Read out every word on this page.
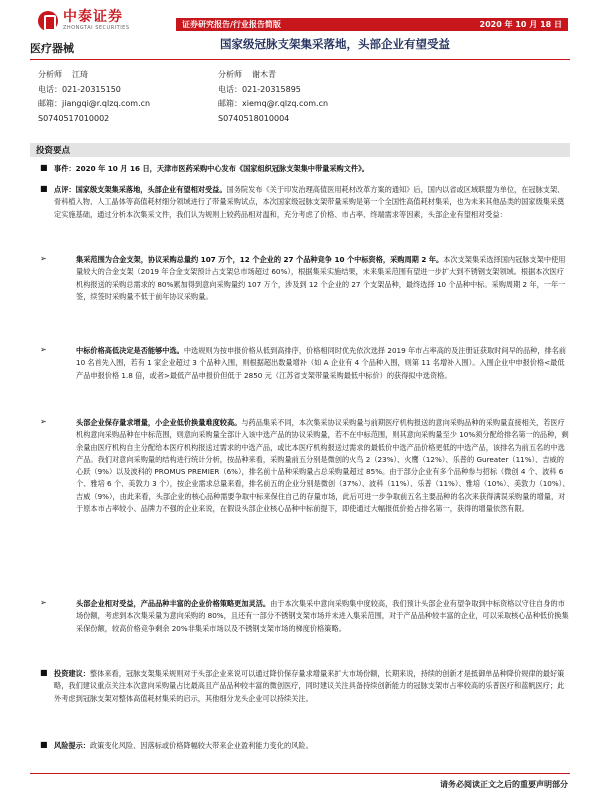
中泰证券
ZHONGTAI SECURITIES	证券研究报告/行业报告简版	2020 年 10 月 18 日
医疗器械	国家级冠脉支架集采落地，头部企业有望受益
分析师 江琦
电话：021-20315150
邮箱：jiangqi@r.qlzq.com.cn
S0740517010002
分析师 谢木青
电话：021-20315895
邮箱：xiemq@r.qlzq.com.cn
S0740518010004
投资要点
■ 事件：2020 年 10 月 16 日，天津市医药采购中心发布《国家组织冠脉支架集中带量采购文件》。
■ 点评：国家级支架集采落地，头部企业有望相对受益。国务院发布《关于印发治理高值医用耗材改革方案的通知》后，国内以省或区域联盟为单位，在冠脉支架、骨科植入物、人工晶体等高值耗材细分领域进行了带量采购试点，本次国家级冠脉支架带量采购是第一个全国性高值耗材集采，也为未来其他品类的国家级集采奠定实施基础，通过分析本次集采文件，我们认为规则上较药品相对温和，充分考虑了价格、市占率、终端需求等因素，头部企业有望相对受益：
➢	集采范围为合金支架，协议采购总量约 107 万个，12 个企业的 27 个品种竞争 10 个中标资格，采购周期 2 年。本次支架集采选择国内冠脉支架中使用量较大的合金支架（2019 年合金支架预计占支架总市场超过 60%），根据集采实施结果，未来集采范围有望进一步扩大到不锈钢支架领域。根据本次医疗机构报送的采购总需求的 80%累加得到意向采购量约 107 万个，涉及到 12 个企业的 27 个支架品种，最终选择 10 个品种中标。采购周期 2 年，一年一签，续签时采购量不低于前年协议采购量。
➢	中标价格高低决定是否能够中选。中选规则为按申报价格从低到高排序，价格相同时优先依次选择 2019 年市占率高的及注册证获取时间早的品种，排名前 10 名首先入围，若有 1 家企业超过 3 个品种入围，则根据超出数量增补（如 A 企业有 4 个品种入围，则第 11 名增补入围）。入围企业中申报价格<最低产品申报价格 1.8 倍，或者>最低产品申报价但低于 2850 元（江苏省支架带量采购最低中标价）的获得拟中选资格。
➢	头部企业保存量求增量，小企业低价换量难度较高。与药品集采不同，本次集采协议采购量与前期医疗机构报送的意向采购品种的采购量直接相关，若医疗机构意向采购品种在中标范围，则意向采购量全部计入该中选产品的协议采购量，若不在中标范围，则其意向采购量至少 10%须分配给排名第一的品种，剩余量由医疗机构自主分配给本医疗机构报送过需求的中选产品，或比本医疗机构报送过需求的最低价中选产品价格更低的中选产品，该排名为前五名的中选产品。我们对意向采购量的结构进行统计分析，按品种来看，采购量前五分别是微创的火鸟 2（23%）、火鹰（12%）、乐普的 Gureater（11%）、吉威的心跃（9%）以及波科的 PROMUS PREMIER（6%），排名前十品种采购量占总采购量超过 85%。由于部分企业有多个品种参与招标（微创 4 个、波科 6 个、雅培 6 个、美敦力 3 个），按企业需求总量来看，排名前五的企业分别是微创（37%）、波科（11%）、乐普（11%）、雅培（10%）、美敦力（10%）、吉威（9%），由此来看，头部企业的核心品种需要争取中标来保住自己的存量市场，此后可进一步争取前五名主要品种的名次来获得满误采购量的增量，对于原本市占率较小、品牌力不强的企业来说，在假设头部企业核心品种中标前提下，即使通过大幅报低价抢占排名第一，获得的增量依然有限。
➢	头部企业相对受益，产品品种丰富的企业价格策略更加灵活。由于本次集采中意向采购集中度较高，我们预计头部企业有望争取到中标资格以守住自身的市场份额，考虑到本次集采量为意向采购的 80%，且还有一部分不锈钢支架市场并未进入集采范围，对于产品品种较丰富的企业，可以采取核心品种低价换集采保份额，较高价格竞争剩余 20%非集采市场以及不锈钢支架市场的梯度价格策略。
■ 投资建议：整体来看，冠脉支架集采规则对于头部企业来说可以通过降价保存量求增量来扩大市场份额，长期来说，持续的创新才是抵御单品种降价规律的最好策略，我们建议重点关注本次意向采购量占比最高且产品品种较丰富的微创医疗，同时建议关注具备持续创新能力的冠脉支架市占率较高的乐普医疗和蓝帆医疗；此外考虑到冠脉支架对整体高值耗材集采的启示，其他细分龙头企业可以持续关注。
■ 风险提示：政策变化风险、因落标或价格降幅较大带来企业盈利能力变化的风险。
请务必阅读正文之后的重要声明部分
